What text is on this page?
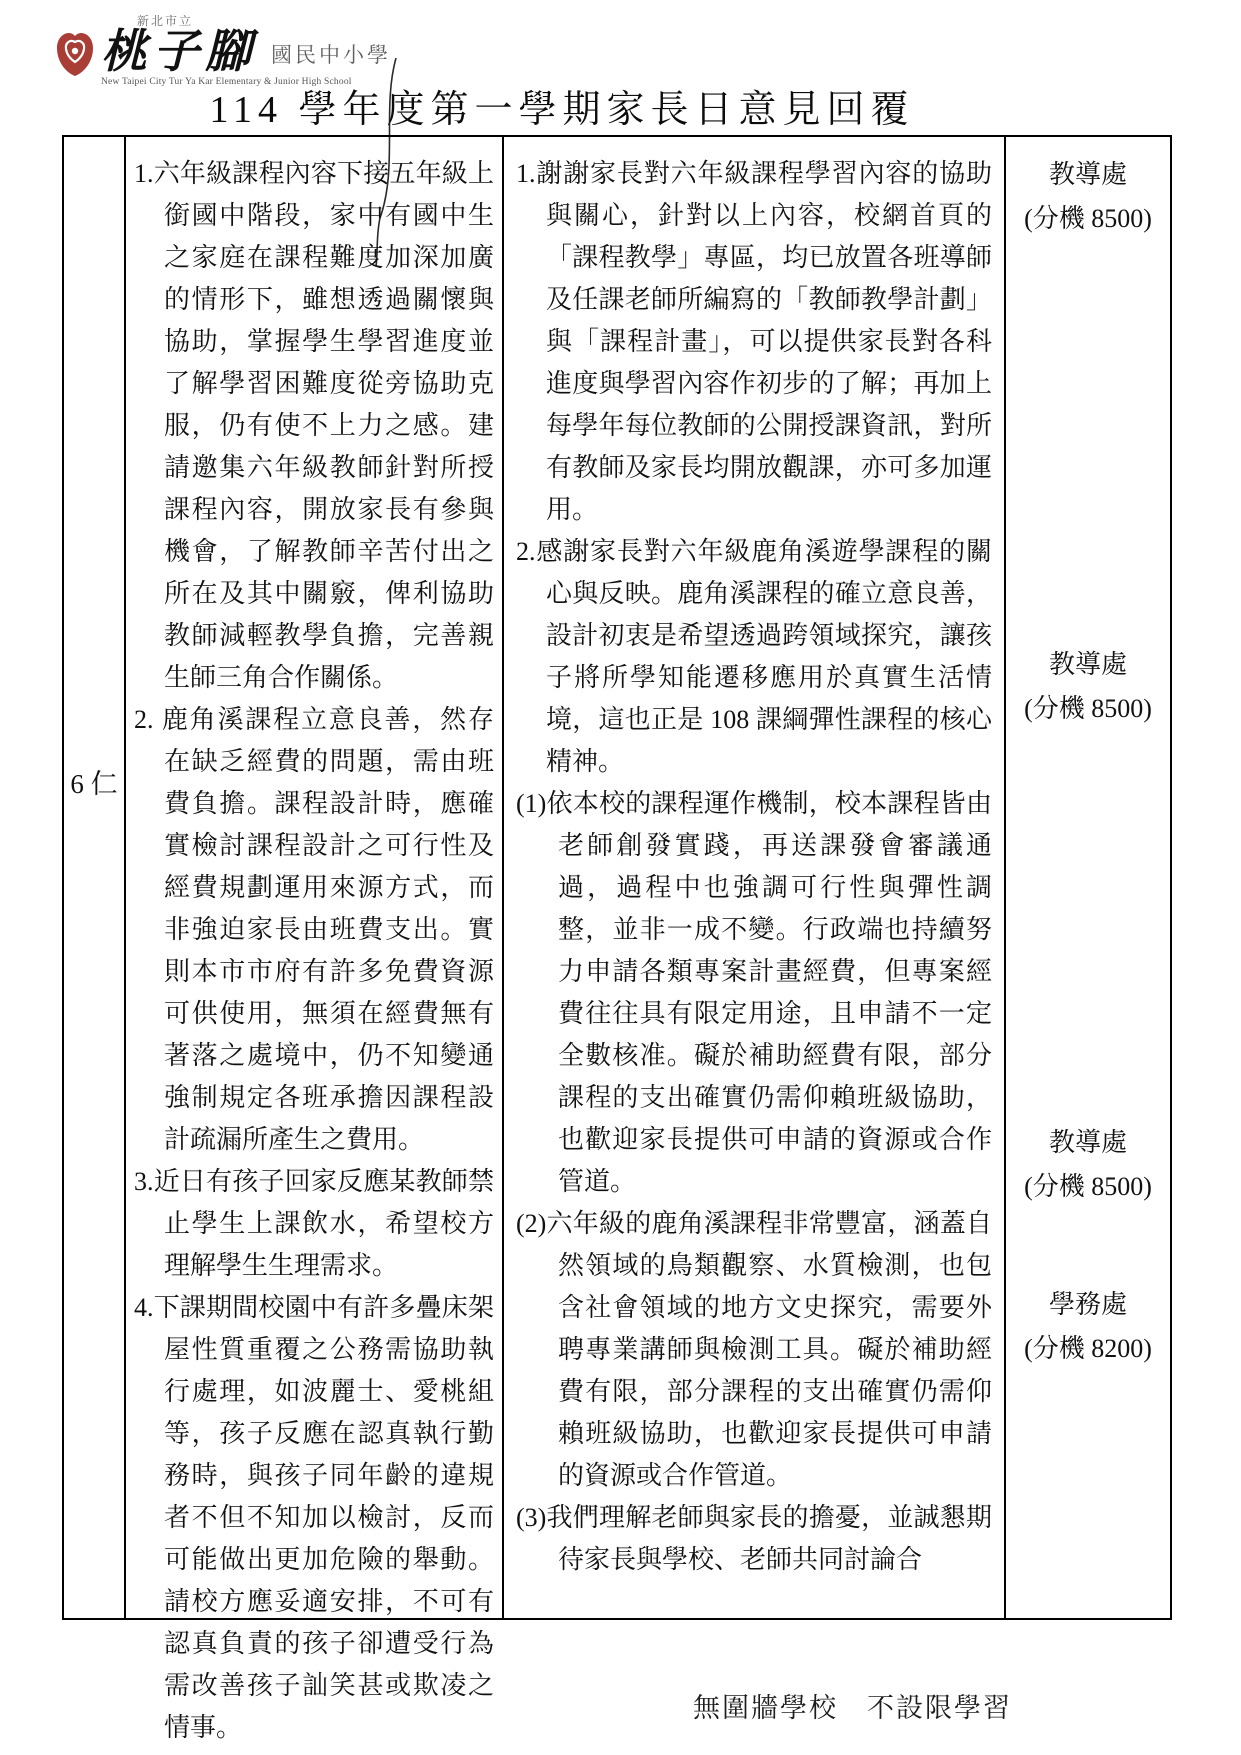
新北市立
桃子腳 國民中小學
New Taipei City Tur Ya Kar Elementary & Junior High School
114 學年度第一學期家長日意見回覆
6 仁

1.六年級課程內容下接五年級上銜國中階段，家中有國中生之家庭在課程難度加深加廣的情形下，雖想透過關懷與協助，掌握學生學習進度並了解學習困難度從旁協助克服，仍有使不上力之感。建請邀集六年級教師針對所授課程內容，開放家長有參與機會，了解教師辛苦付出之所在及其中關竅，俾利協助教師減輕教學負擔，完善親生師三角合作關係。

2. 鹿角溪課程立意良善，然存在缺乏經費的問題，需由班費負擔。課程設計時，應確實檢討課程設計之可行性及經費規劃運用來源方式，而非強迫家長由班費支出。實則本市市府有許多免費資源可供使用，無須在經費無有著落之處境中，仍不知變通強制規定各班承擔因課程設計疏漏所產生之費用。

3.近日有孩子回家反應某教師禁止學生上課飲水，希望校方理解學生生理需求。

4.下課期間校園中有許多疊床架屋性質重覆之公務需協助執行處理，如波麗士、愛桃組等，孩子反應在認真執行勤務時，與孩子同年齡的違規者不但不知加以檢討，反而可能做出更加危險的舉動。請校方應妥適安排，不可有認真負責的孩子卻遭受行為需改善孩子訕笑甚或欺凌之情事。

1.謝謝家長對六年級課程學習內容的協助與關心，針對以上內容，校網首頁的「課程教學」專區，均已放置各班導師及任課老師所編寫的「教師教學計劃」與「課程計畫」，可以提供家長對各科進度與學習內容作初步的了解；再加上每學年每位教師的公開授課資訊，對所有教師及家長均開放觀課，亦可多加運用。

2.感謝家長對六年級鹿角溪遊學課程的關心與反映。鹿角溪課程的確立意良善，設計初衷是希望透過跨領域探究，讓孩子將所學知能遷移應用於真實生活情境，這也正是 108 課綱彈性課程的核心精神。

(1)依本校的課程運作機制，校本課程皆由老師創發實踐，再送課發會審議通過，過程中也強調可行性與彈性調整，並非一成不變。行政端也持續努力申請各類專案計畫經費，但專案經費往往具有限定用途，且申請不一定全數核准。礙於補助經費有限，部分課程的支出確實仍需仰賴班級協助，也歡迎家長提供可申請的資源或合作管道。

(2)六年級的鹿角溪課程非常豐富，涵蓋自然領域的鳥類觀察、水質檢測，也包含社會領域的地方文史探究，需要外聘專業講師與檢測工具。礙於補助經費有限，部分課程的支出確實仍需仰賴班級協助，也歡迎家長提供可申請的資源或合作管道。

(3)我們理解老師與家長的擔憂，並誠懇期待家長與學校、老師共同討論合

教導處
(分機 8500)
教導處
(分機 8500)
教導處
(分機 8500)
學務處
(分機 8200)
無圍牆學校　不設限學習
